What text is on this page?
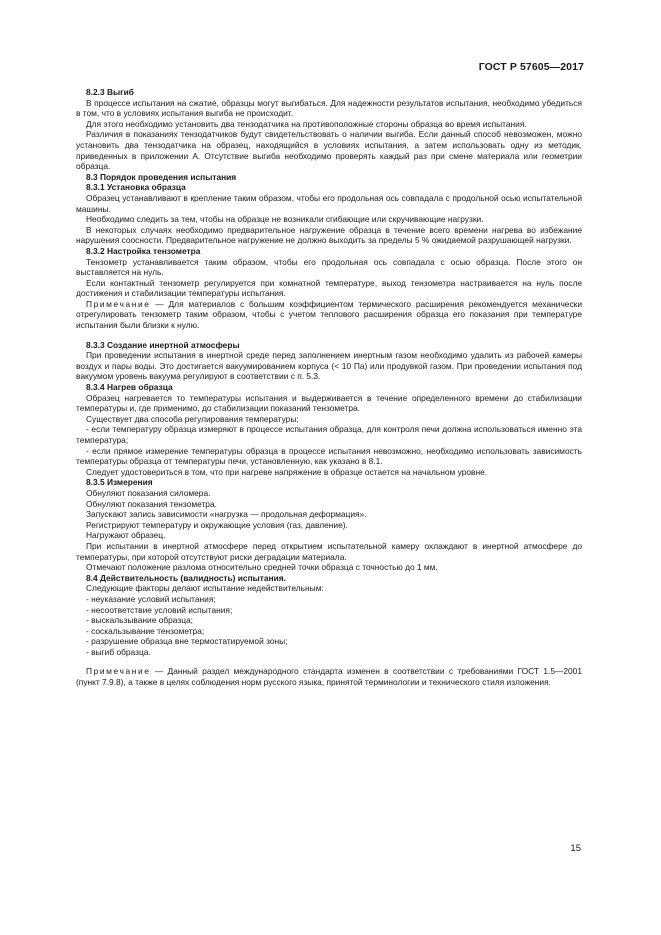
ГОСТ Р 57605—2017

8.2.3 Выгиб

В процессе испытания на сжатие, образцы могут выгибаться. Для надежности результатов испытания, необходимо убедиться в том, что в условиях испытания выгиба не происходит.

Для этого необходимо установить два тензодатчика на противоположные стороны образца во время испытания.

Различия в показаниях тензодатчиков будут свидетельствовать о наличии выгиба. Если данный способ невозможен, можно установить два тензодатчика на образец, находящийся в условиях испытания, а затем использовать одну из методик, приведенных в приложении А. Отсутствие выгиба необходимо проверять каждый раз при смене материала или геометрии образца.

8.3 Порядок проведения испытания

8.3.1 Установка образца

Образец устанавливают в крепление таким образом, чтобы его продольная ось совпадала с продольной осью испытательной машины.

Необходимо следить за тем, чтобы на образце не возникали сгибающие или скручивающие нагрузки.

В некоторых случаях необходимо предварительное нагружение образца в течение всего времени нагрева во избежание нарушения соосности. Предварительное нагружение не должно выходить за пределы 5 % ожидаемой разрушающей нагрузки.

8.3.2 Настройка тензометра

Тензометр устанавливается таким образом, чтобы его продольная ось совпадала с осью образца. После этого он выставляется на нуль.

Если контактный тензометр регулируется при комнатной температуре, выход тензометра настраивается на нуль после достижения и стабилизации температуры испытания.

Примечание — Для материалов с большим коэффициентом термического расширения рекомендуется механически отрегулировать тензометр таким образом, чтобы с учетом теплового расширения образца его показания при температуре испытания были близки к нулю.

8.3.3 Создание инертной атмосферы

При проведении испытания в инертной среде перед заполнением инертным газом необходимо удалить из рабочей камеры воздух и пары воды. Это достигается вакуумированием корпуса (< 10 Па) или продувкой газом. При проведении испытания под вакуумом уровень вакуума регулируют в соответствии с п. 5.3.

8.3.4 Нагрев образца

Образец нагревается то температуры испытания и выдерживается в течение определенного времени до стабилизации температуры и, где применимо, до стабилизации показаний тензометра.

Существует два способа регулирования температуры:

- если температуру образца измеряют в процессе испытания образца, для контроля печи должна использоваться именно эта температура;

- если прямое измерение температуры образца в процессе испытания невозможно, необходимо использовать зависимость температуры образца от температуры печи, установленную, как указано в 8.1.

Следует удостовериться в том, что при нагреве напряжение в образце остается на начальном уровне.

8.3.5 Измерения

Обнуляют показания силомера.

Обнуляют показания тензометра.

Запускают запись зависимости «нагрузка — продольная деформация».

Регистрируют температуру и окружающие условия (газ, давление).

Нагружают образец.

При испытании в инертной атмосфере перед открытием испытательной камеру охлаждают в инертной атмосфере до температуры, при которой отсутствуют риски деградации материала.

Отмечают положение разлома относительно средней точки образца с точностью до 1 мм.

8.4 Действительность (валидность) испытания.

Следующие факторы делают испытание недействительным:

- неуказание условий испытания;

- несоответствие условий испытания;

- выскальзывание образца;

- соскальзывание тензометра;

- разрушение образца вне термостатируемой зоны;

- выгиб образца.

Примечание — Данный раздел международного стандарта изменен в соответствии с требованиями ГОСТ 1.5—2001 (пункт 7.9.8), а также в целях соблюдения норм русского языка, принятой терминологии и технического стиля изложения.

15
